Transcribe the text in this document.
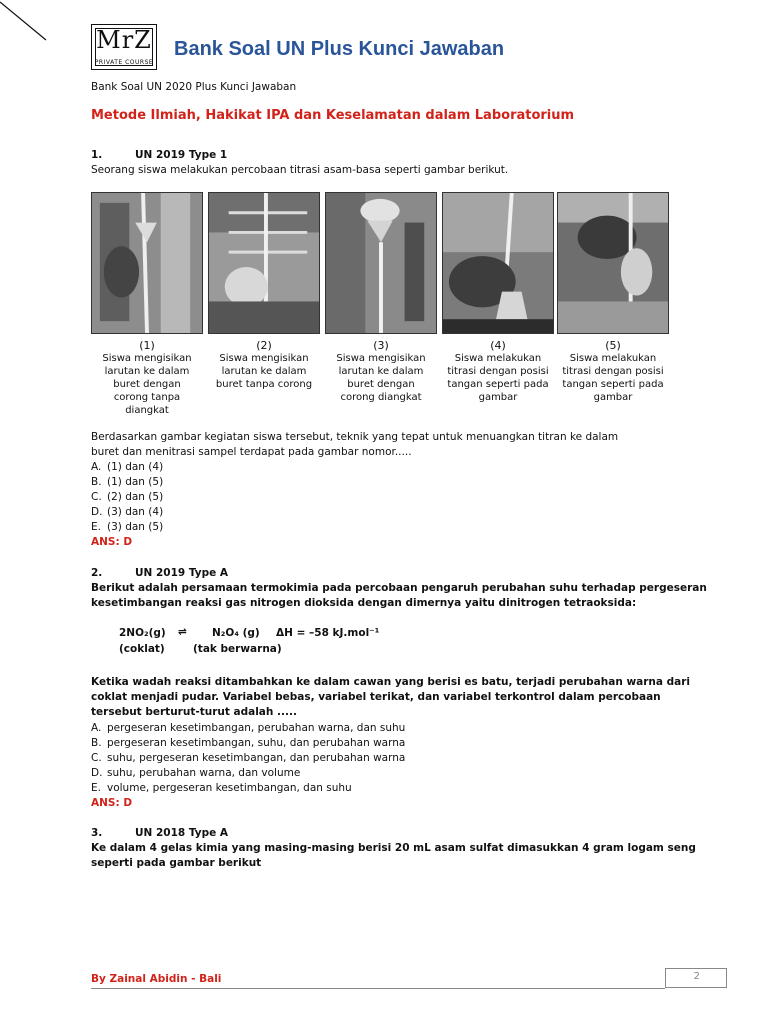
MrZ
PRIVATE COURSE
Bank Soal UN Plus Kunci Jawaban
Bank Soal UN 2020 Plus Kunci Jawaban
Metode Ilmiah, Hakikat IPA dan Keselamatan dalam Laboratorium
1.	UN 2019 Type 1
Seorang siswa melakukan percobaan titrasi asam-basa seperti gambar berikut.
(1)
Siswa mengisikan
larutan ke dalam
buret dengan
corong tanpa
diangkat
(2)
Siswa mengisikan
larutan ke dalam
buret tanpa corong
(3)
Siswa mengisikan
larutan ke dalam
buret dengan
corong diangkat
(4)
Siswa melakukan
titrasi dengan posisi
tangan seperti pada
gambar
(5)
Siswa melakukan
titrasi dengan posisi
tangan seperti pada
gambar
Berdasarkan gambar kegiatan siswa tersebut, teknik yang tepat untuk menuangkan titran ke dalam
buret dan menitrasi sampel terdapat pada gambar nomor.....
A. (1) dan (4)
B. (1) dan (5)
C. (2) dan (5)
D. (3) dan (4)
E. (3) dan (5)
ANS: D
2.	UN 2019 Type A
Berikut adalah persamaan termokimia pada percobaan pengaruh perubahan suhu terhadap pergeseran
kesetimbangan reaksi gas nitrogen dioksida dengan dimernya yaitu dinitrogen tetraoksida:
2NO₂(g) ⇌ N₂O₄ (g) ΔH = –58 kJ.mol⁻¹
(coklat)	(tak berwarna)
Ketika wadah reaksi ditambahkan ke dalam cawan yang berisi es batu, terjadi perubahan warna dari
coklat menjadi pudar. Variabel bebas, variabel terikat, dan variabel terkontrol dalam percobaan
tersebut berturut-turut adalah .....
A. pergeseran kesetimbangan, perubahan warna, dan suhu
B. pergeseran kesetimbangan, suhu, dan perubahan warna
C. suhu, pergeseran kesetimbangan, dan perubahan warna
D. suhu, perubahan warna, dan volume
E. volume, pergeseran kesetimbangan, dan suhu
ANS: D
3.	UN 2018 Type A
Ke dalam 4 gelas kimia yang masing-masing berisi 20 mL asam sulfat dimasukkan 4 gram logam seng
seperti pada gambar berikut
By Zainal Abidin - Bali	2
